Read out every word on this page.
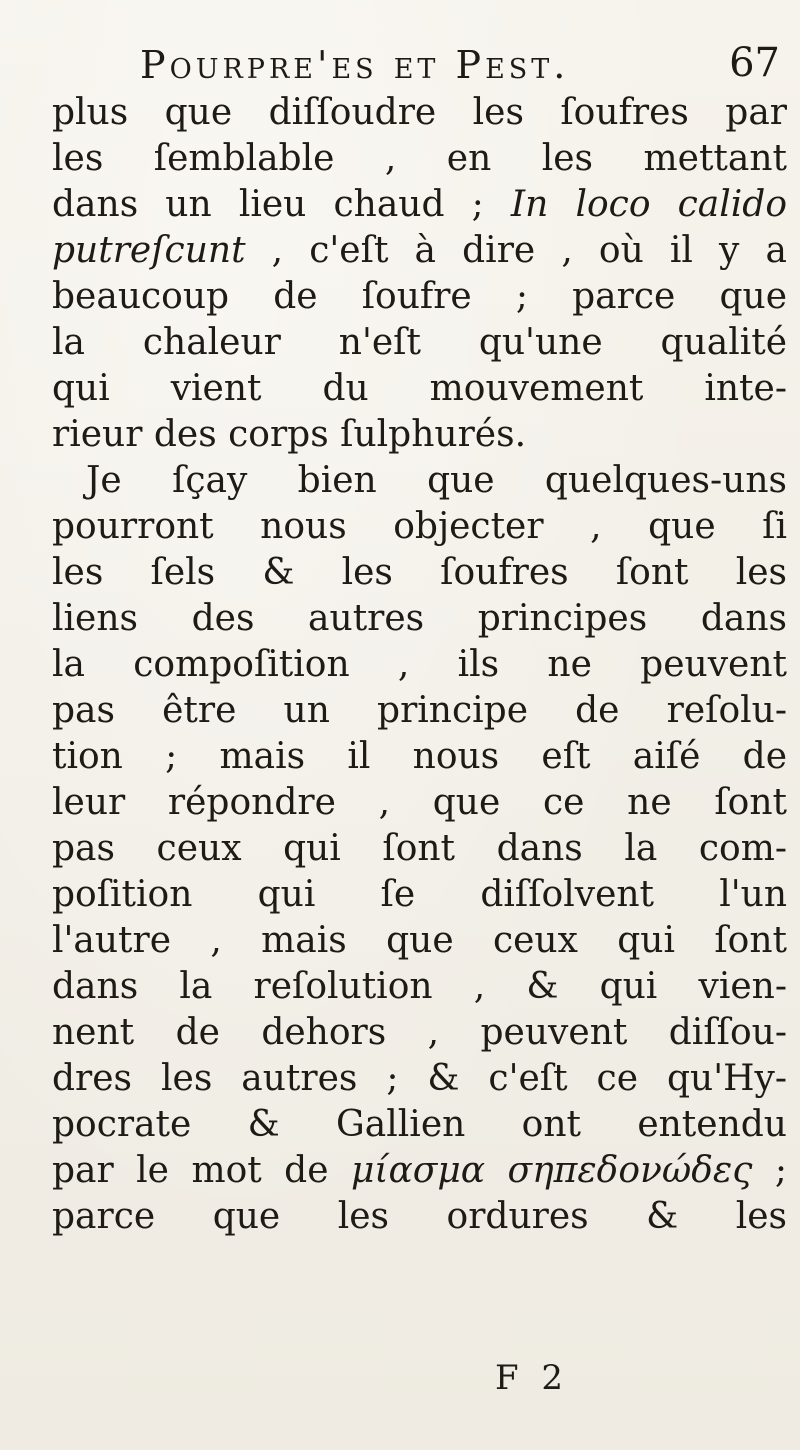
Pourpre'es et Pest.	67
plus que diſſoudre les ſoufres par
les ſemblable , en les mettant
dans un lieu chaud ; In loco calido
putreſcunt , c'eſt à dire , où il y a
beaucoup de ſoufre ; parce que
la chaleur n'eſt qu'une qualité
qui vient du mouvement inte-
rieur des corps ſulphurés.
Je ſçay bien que quelques-uns
pourront nous objecter , que ſi
les ſels & les ſoufres ſont les
liens des autres principes dans
la compoſition , ils ne peuvent
pas être un principe de reſolu-
tion ; mais il nous eſt aiſé de
leur répondre , que ce ne ſont
pas ceux qui ſont dans la com-
poſition qui ſe diſſolvent l'un
l'autre , mais que ceux qui ſont
dans la reſolution , & qui vien-
nent de dehors , peuvent diſſou-
dres les autres ; & c'eſt ce qu'Hy-
pocrate & Gallien ont entendu
par le mot de μίασμα σηπεδονώδες ;
parce que les ordures & les
F 2
